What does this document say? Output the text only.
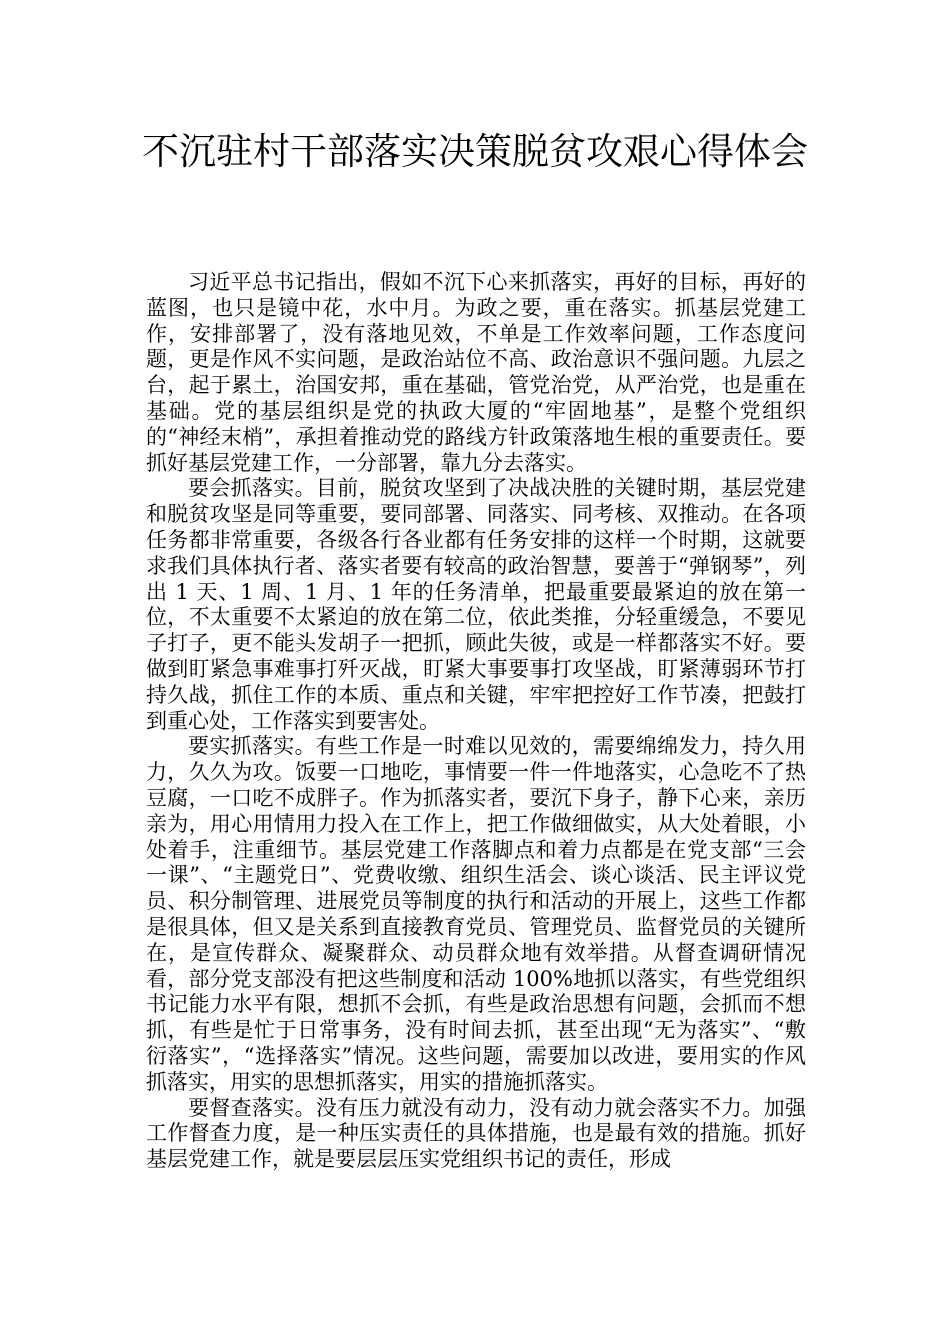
不沉驻村干部落实决策脱贫攻艰心得体会

习近平总书记指出，假如不沉下心来抓落实，再好的目标，再好的蓝图，也只是镜中花，水中月。为政之要，重在落实。抓基层党建工作，安排部署了，没有落地见效，不单是工作效率问题，工作态度问题，更是作风不实问题，是政治站位不高、政治意识不强问题。九层之台，起于累土，治国安邦，重在基础，管党治党，从严治党，也是重在基础。党的基层组织是党的执政大厦的“牢固地基”，是整个党组织的“神经末梢”，承担着推动党的路线方针政策落地生根的重要责任。要抓好基层党建工作，一分部署，靠九分去落实。

要会抓落实。目前，脱贫攻坚到了决战决胜的关键时期，基层党建和脱贫攻坚是同等重要，要同部署、同落实、同考核、双推动。在各项任务都非常重要，各级各行各业都有任务安排的这样一个时期，这就要求我们具体执行者、落实者要有较高的政治智慧，要善于“弹钢琴”，列出 1 天、1 周、1 月、1 年的任务清单，把最重要最紧迫的放在第一位，不太重要不太紧迫的放在第二位，依此类推，分轻重缓急，不要见子打子，更不能头发胡子一把抓，顾此失彼，或是一样都落实不好。要做到盯紧急事难事打歼灭战，盯紧大事要事打攻坚战，盯紧薄弱环节打持久战，抓住工作的本质、重点和关键，牢牢把控好工作节凑，把鼓打到重心处，工作落实到要害处。

要实抓落实。有些工作是一时难以见效的，需要绵绵发力，持久用力，久久为攻。饭要一口地吃，事情要一件一件地落实，心急吃不了热豆腐，一口吃不成胖子。作为抓落实者，要沉下身子，静下心来，亲历亲为，用心用情用力投入在工作上，把工作做细做实，从大处着眼，小处着手，注重细节。基层党建工作落脚点和着力点都是在党支部“三会一课”、“主题党日”、党费收缴、组织生活会、谈心谈活、民主评议党员、积分制管理、进展党员等制度的执行和活动的开展上，这些工作都是很具体，但又是关系到直接教育党员、管理党员、监督党员的关键所在，是宣传群众、凝聚群众、动员群众地有效举措。从督查调研情况看，部分党支部没有把这些制度和活动 100%地抓以落实，有些党组织书记能力水平有限，想抓不会抓，有些是政治思想有问题，会抓而不想抓，有些是忙于日常事务，没有时间去抓，甚至出现“无为落实”、“敷衍落实”，“选择落实”情况。这些问题，需要加以改进，要用实的作风抓落实，用实的思想抓落实，用实的措施抓落实。

要督查落实。没有压力就没有动力，没有动力就会落实不力。加强工作督查力度，是一种压实责任的具体措施，也是最有效的措施。抓好基层党建工作，就是要层层压实党组织书记的责任，形成
